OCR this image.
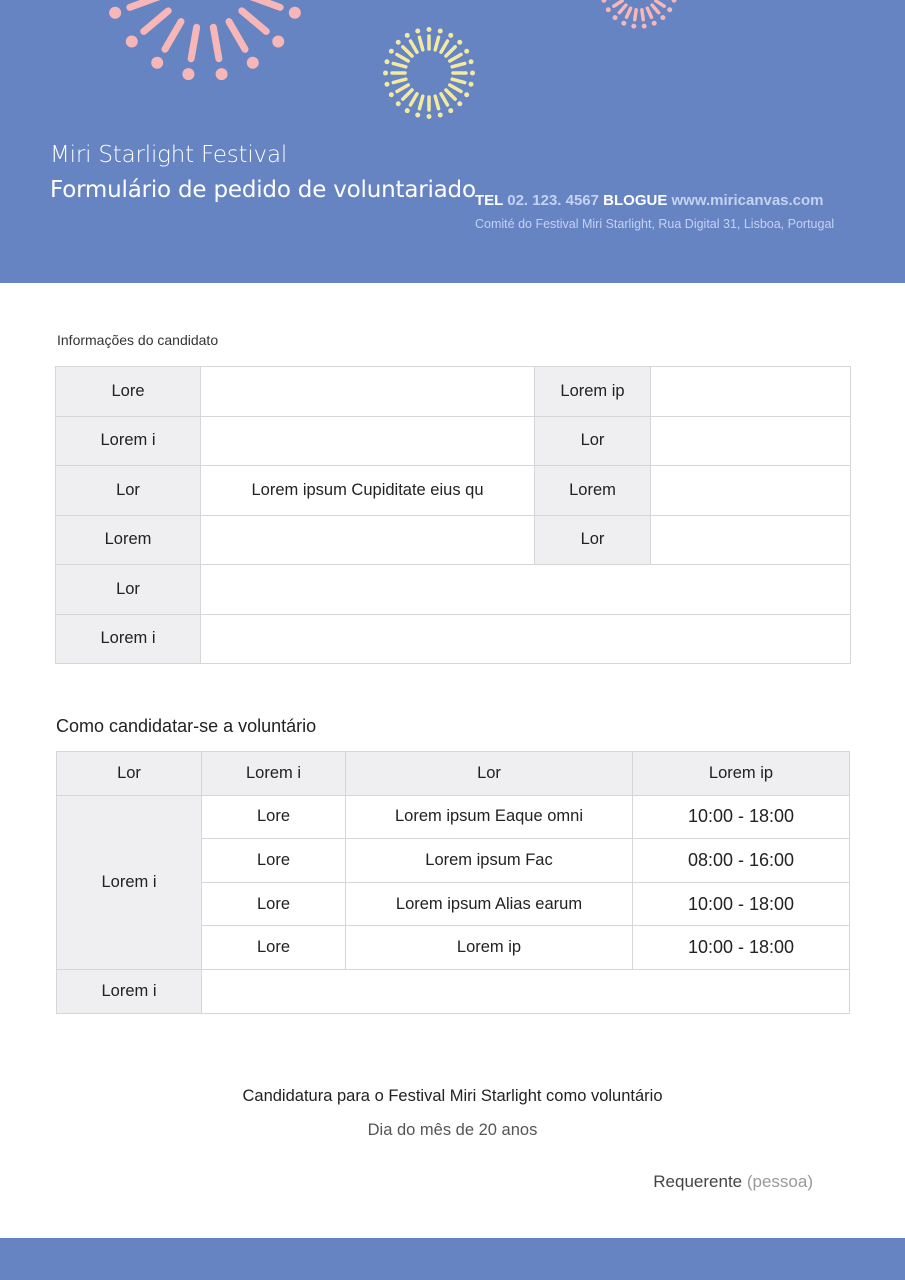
Miri Starlight Festival
Formulário de pedido de voluntariado TEL 02. 123. 4567 BLOGUE www.miricanvas.com
Comité do Festival Miri Starlight, Rua Digital 31, Lisboa, Portugal
Informações do candidato
Lore		Lorem ip	
Lorem i		Lor	
Lor	Lorem ipsum Cupiditate eius qu	Lorem	
Lorem		Lor	
Lor			
Lorem i			
Como candidatar-se a voluntário
Lor	Lorem i	Lor	Lorem ip
Lorem i	Lore	Lorem ipsum Eaque omni	10:00 - 18:00
	Lore	Lorem ipsum Fac	08:00 - 16:00
	Lore	Lorem ipsum Alias earum	10:00 - 18:00
	Lore	Lorem ip	10:00 - 18:00
Lorem i			
Candidatura para o Festival Miri Starlight como voluntário
Dia do mês de 20 anos
Requerente (pessoa)
